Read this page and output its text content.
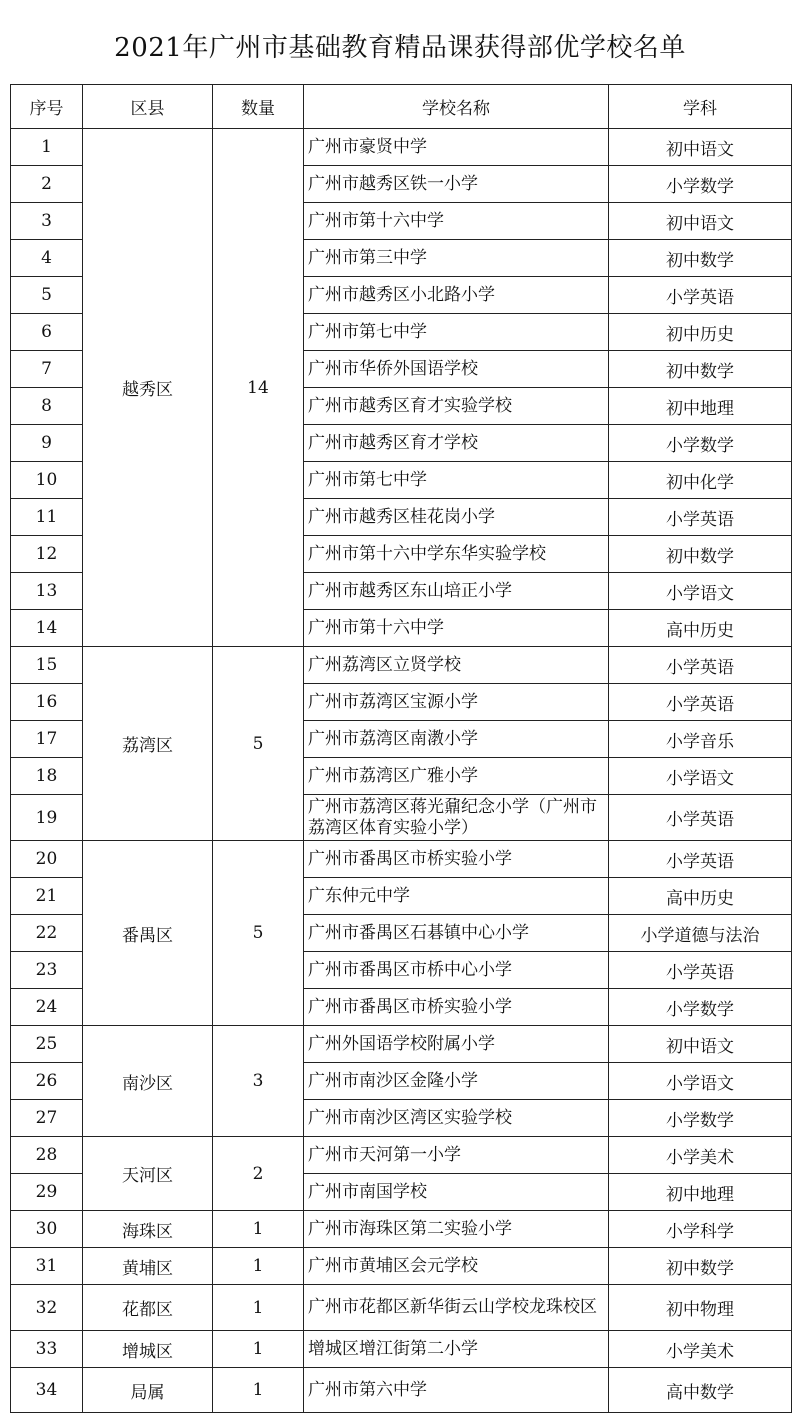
2021年广州市基础教育精品课获得部优学校名单
序号	区县	数量	学校名称	学科
1	越秀区	14	广州市豪贤中学	初中语文
2			广州市越秀区铁一小学	小学数学
3			广州市第十六中学	初中语文
4			广州市第三中学	初中数学
5			广州市越秀区小北路小学	小学英语
6			广州市第七中学	初中历史
7			广州市华侨外国语学校	初中数学
8			广州市越秀区育才实验学校	初中地理
9			广州市越秀区育才学校	小学数学
10			广州市第七中学	初中化学
11			广州市越秀区桂花岗小学	小学英语
12			广州市第十六中学东华实验学校	初中数学
13			广州市越秀区东山培正小学	小学语文
14			广州市第十六中学	高中历史
15	荔湾区	5	广州荔湾区立贤学校	小学英语
16			广州市荔湾区宝源小学	小学英语
17			广州市荔湾区南漖小学	小学音乐
18			广州市荔湾区广雅小学	小学语文
19			广州市荔湾区蒋光鼐纪念小学（广州市荔湾区体育实验小学）	小学英语
20	番禺区	5	广州市番禺区市桥实验小学	小学英语
21			广东仲元中学	高中历史
22			广州市番禺区石碁镇中心小学	小学道德与法治
23			广州市番禺区市桥中心小学	小学英语
24			广州市番禺区市桥实验小学	小学数学
25	南沙区	3	广州外国语学校附属小学	初中语文
26			广州市南沙区金隆小学	小学语文
27			广州市南沙区湾区实验学校	小学数学
28	天河区	2	广州市天河第一小学	小学美术
29			广州市南国学校	初中地理
30	海珠区	1	广州市海珠区第二实验小学	小学科学
31	黄埔区	1	广州市黄埔区会元学校	初中数学
32	花都区	1	广州市花都区新华街云山学校龙珠校区	初中物理
33	增城区	1	增城区增江街第二小学	小学美术
34	局属	1	广州市第六中学	高中数学
